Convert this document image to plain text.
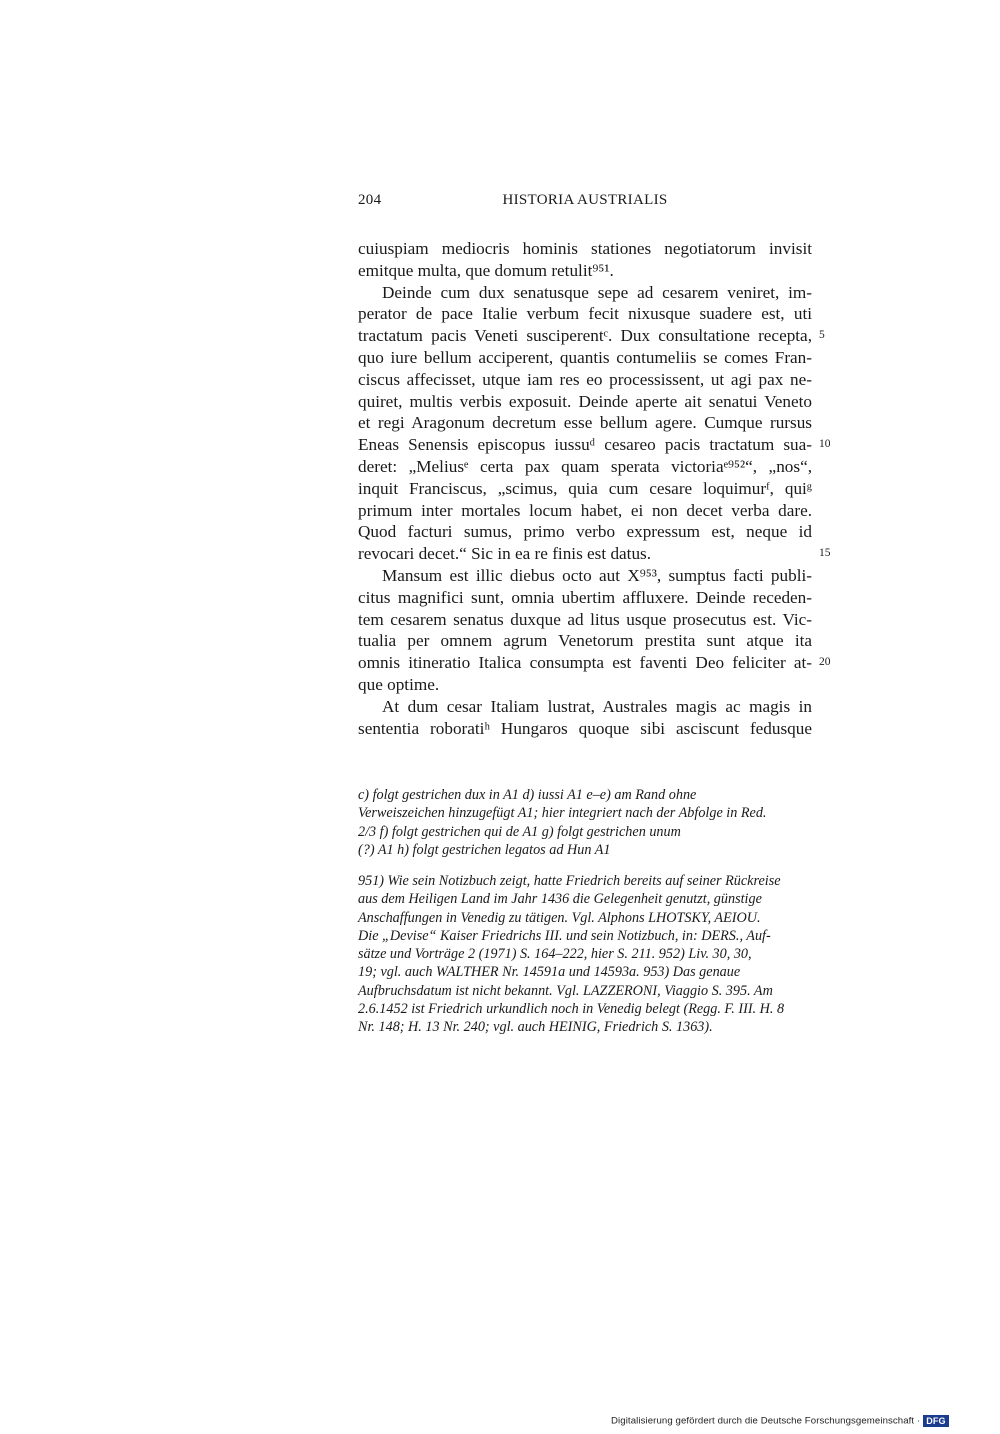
204	HISTORIA AUSTRIALIS
cuiuspiam mediocris hominis stationes negotiatorum invisit
emitque multa, que domum retulit⁹⁵¹.
Deinde cum dux senatusque sepe ad cesarem veniret, im-
perator de pace Italie verbum fecit nixusque suadere est, uti
tractatum pacis Veneti susciperentᶜ. Dux consultatione recepta, 5
quo iure bellum acciperent, quantis contumeliis se comes Fran-
ciscus affecisset, utque iam res eo processissent, ut agi pax ne-
quiret, multis verbis exposuit. Deinde aperte ait senatui Veneto
et regi Aragonum decretum esse bellum agere. Cumque rursus
Eneas Senensis episcopus iussuᵈ cesareo pacis tractatum sua- 10
deret: „Meliusᵉ certa pax quam sperata victoriaᵉ⁹⁵²“, „nos“,
inquit Franciscus, „scimus, quia cum cesare loquimurᶠ, quiᵍ
primum inter mortales locum habet, ei non decet verba dare.
Quod facturi sumus, primo verbo expressum est, neque id
revocari decet.“ Sic in ea re finis est datus.	15
Mansum est illic diebus octo aut X⁹⁵³, sumptus facti publi-
citus magnifici sunt, omnia ubertim affluxere. Deinde receden-
tem cesarem senatus duxque ad litus usque prosecutus est. Vic-
tualia per omnem agrum Venetorum prestita sunt atque ita
omnis itineratio Italica consumpta est faventi Deo feliciter at- 20
que optime.
At dum cesar Italiam lustrat, Australes magis ac magis in
sententia roboratiʰ Hungaros quoque sibi asciscunt fedusque
c) folgt gestrichen dux in A1 d) iussi A1 e–e) am Rand ohne
Verweiszeichen hinzugefügt A1; hier integriert nach der Abfolge in Red.
2/3 f) folgt gestrichen qui de A1 g) folgt gestrichen unum
(?) A1 h) folgt gestrichen legatos ad Hun A1
951) Wie sein Notizbuch zeigt, hatte Friedrich bereits auf seiner Rückreise
aus dem Heiligen Land im Jahr 1436 die Gelegenheit genutzt, günstige
Anschaffungen in Venedig zu tätigen. Vgl. Alphons LHOTSKY, AEIOU.
Die „Devise“ Kaiser Friedrichs III. und sein Notizbuch, in: DERS., Auf-
sätze und Vorträge 2 (1971) S. 164–222, hier S. 211. 952) Liv. 30, 30,
19; vgl. auch WALTHER Nr. 14591a und 14593a. 953) Das genaue
Aufbruchsdatum ist nicht bekannt. Vgl. LAZZERONI, Viaggio S. 395. Am
2.6.1452 ist Friedrich urkundlich noch in Venedig belegt (Regg. F. III. H. 8
Nr. 148; H. 13 Nr. 240; vgl. auch HEINIG, Friedrich S. 1363).
Digitalisierung gefördert durch die Deutsche Forschungsgemeinschaft · DFG
